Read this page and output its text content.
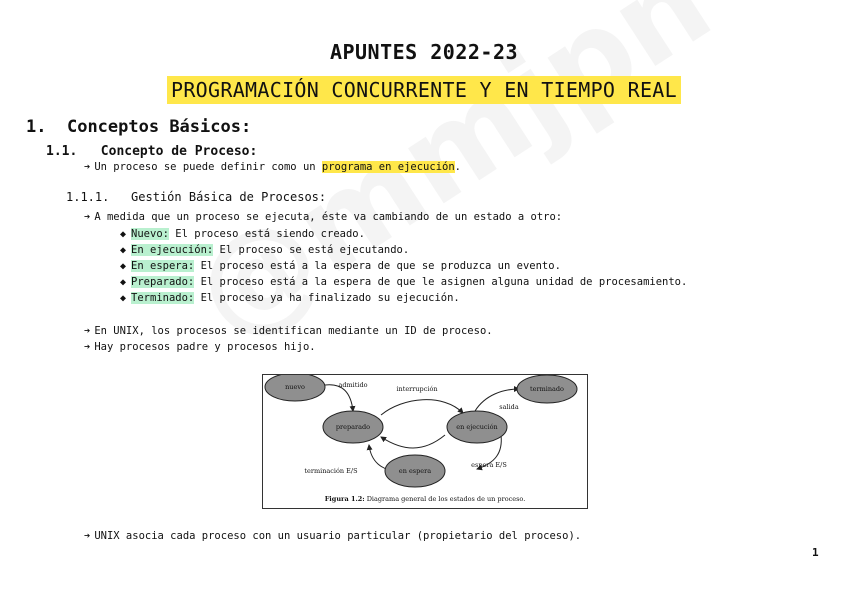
APUNTES 2022-23
PROGRAMACIÓN CONCURRENTE Y EN TIEMPO REAL
1. Conceptos Básicos:
1.1. Concepto de Proceso:
➔ Un proceso se puede definir como un programa en ejecución.
1.1.1. Gestión Básica de Procesos:
➔ A medida que un proceso se ejecuta, éste va cambiando de un estado a otro:
◆ Nuevo: El proceso está siendo creado.
◆ En ejecución: El proceso se está ejecutando.
◆ En espera: El proceso está a la espera de que se produzca un evento.
◆ Preparado: El proceso está a la espera de que le asignen alguna unidad de procesamiento.
◆ Terminado: El proceso ya ha finalizado su ejecución.
➔ En UNIX, los procesos se identifican mediante un ID de proceso.
➔ Hay procesos padre y procesos hijo.
nuevo
preparado	en ejecución
en espera
terminado
admitido	interrupción
salida
terminación E/S
espera E/S
Figura 1.2: Diagrama general de los estados de un proceso.
➔ UNIX asocia cada proceso con un usuario particular (propietario del proceso).
1
